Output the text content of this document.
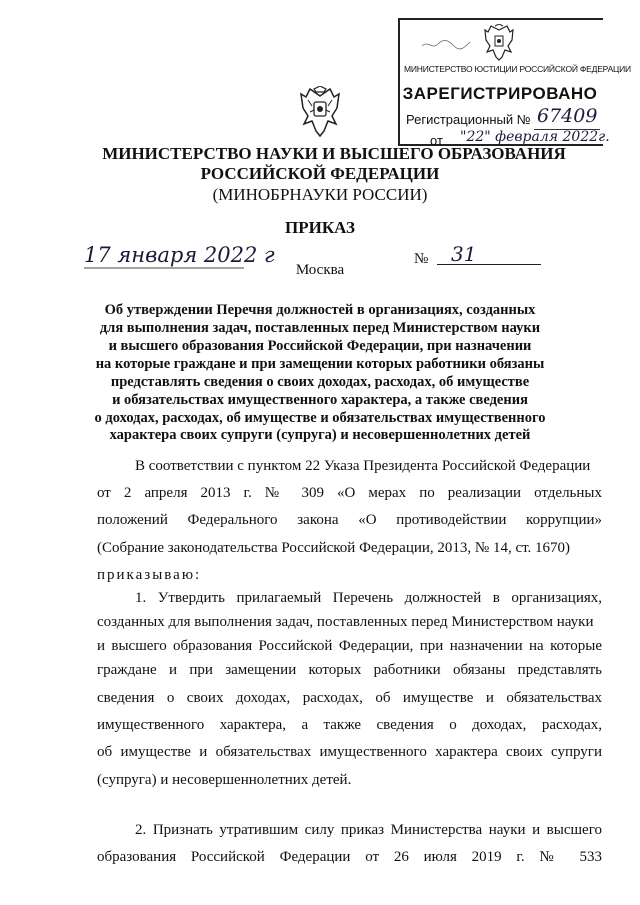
МИНИСТЕРСТВО ЮСТИЦИИ РОССИЙСКОЙ ФЕДЕРАЦИИ
ЗАРЕГИСТРИРОВАНО
Регистрационный № 67409
от "22" февраля 2022г.
МИНИСТЕРСТВО НАУКИ И ВЫСШЕГО ОБРАЗОВАНИЯ
РОССИЙСКОЙ ФЕДЕРАЦИИ
(МИНОБРНАУКИ РОССИИ)
ПРИКАЗ
17 января 2022 г	№ 31
Москва
Об утверждении Перечня должностей в организациях, созданных
для выполнения задач, поставленных перед Министерством науки
и высшего образования Российской Федерации, при назначении
на которые граждане и при замещении которых работники обязаны
представлять сведения о своих доходах, расходах, об имуществе
и обязательствах имущественного характера, а также сведения
о доходах, расходах, об имуществе и обязательствах имущественного
характера своих супруги (супруга) и несовершеннолетних детей
В соответствии с пунктом 22 Указа Президента Российской Федерации
от 2 апреля 2013 г. № 309 «О мерах по реализации отдельных
положений Федерального закона «О противодействии коррупции»
(Собрание законодательства Российской Федерации, 2013, № 14, ст. 1670)
приказываю:
1. Утвердить прилагаемый Перечень должностей в организациях,
созданных для выполнения задач, поставленных перед Министерством науки
и высшего образования Российской Федерации, при назначении на которые
граждане и при замещении которых работники обязаны представлять
сведения о своих доходах, расходах, об имуществе и обязательствах
имущественного характера, а также сведения о доходах, расходах,
об имуществе и обязательствах имущественного характера своих супруги
(супруга) и несовершеннолетних детей.
2. Признать утратившим силу приказ Министерства науки и высшего
образования Российской Федерации от 26 июля 2019 г. № 533
